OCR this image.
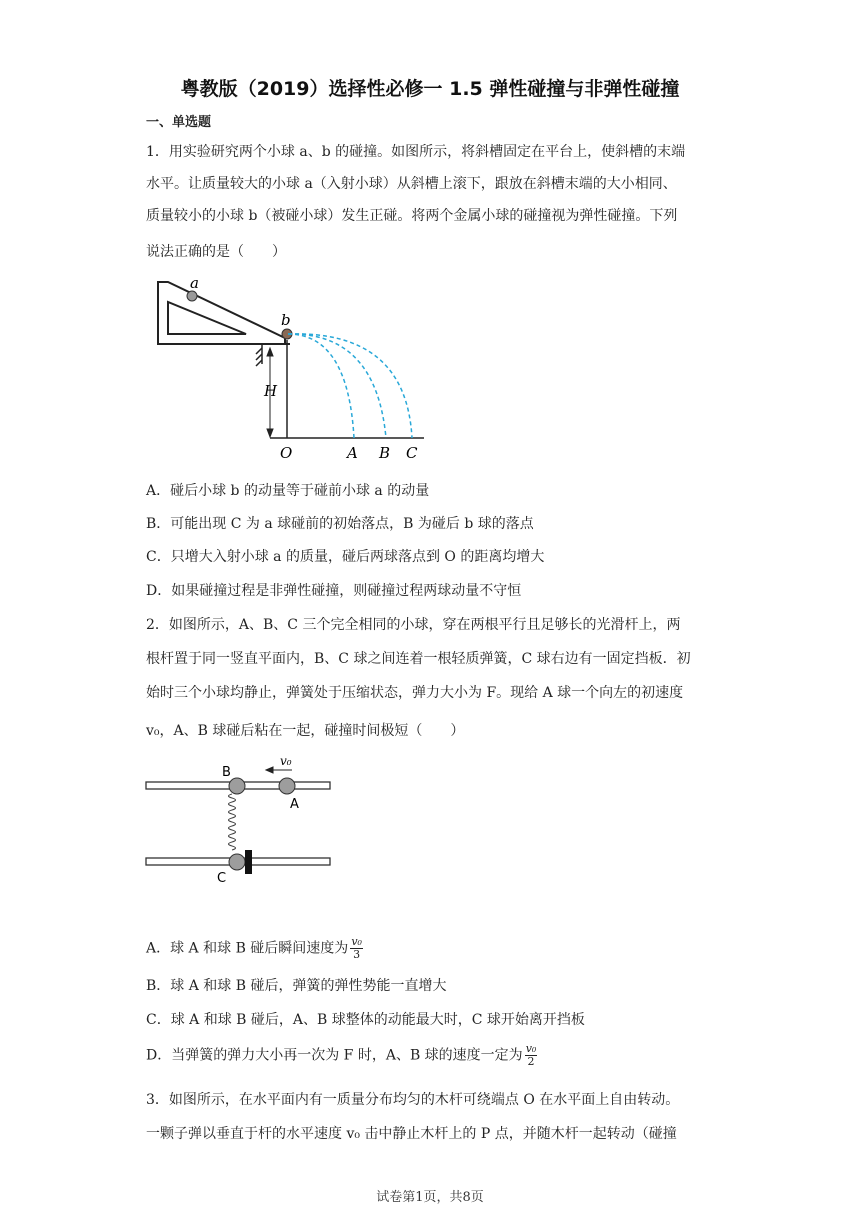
粤教版（2019）选择性必修一 1.5 弹性碰撞与非弹性碰撞
一、单选题
1．用实验研究两个小球 a、b 的碰撞。如图所示，将斜槽固定在平台上，使斜槽的末端
水平。让质量较大的小球 a（入射小球）从斜槽上滚下，跟放在斜槽末端的大小相同、
质量较小的小球 b（被碰小球）发生正碰。将两个金属小球的碰撞视为弹性碰撞。下列
说法正确的是（　　）
a
b
H
O	A B C
A．碰后小球 b 的动量等于碰前小球 a 的动量
B．可能出现 C 为 a 球碰前的初始落点，B 为碰后 b 球的落点
C．只增大入射小球 a 的质量，碰后两球落点到 O 的距离均增大
D．如果碰撞过程是非弹性碰撞，则碰撞过程两球动量不守恒
2．如图所示，A、B、C 三个完全相同的小球，穿在两根平行且足够长的光滑杆上，两
根杆置于同一竖直平面内，B、C 球之间连着一根轻质弹簧，C 球右边有一固定挡板．初
始时三个小球均静止，弹簧处于压缩状态，弹力大小为 F。现给 A 球一个向左的初速度
v₀，A、B 球碰后粘在一起，碰撞时间极短（　　）
v₀
B
A
C
A．球 A 和球 B 碰后瞬间速度为 $\frac{\text{v₀}}{3}$
B．球 A 和球 B 碰后，弹簧的弹性势能一直增大
C．球 A 和球 B 碰后，A、B 球整体的动能最大时，C 球开始离开挡板
D．当弹簧的弹力大小再一次为 F 时，A、B 球的速度一定为 $\frac{\text{v₀}}{2}$
3．如图所示，在水平面内有一质量分布均匀的木杆可绕端点 O 在水平面上自由转动。
一颗子弹以垂直于杆的水平速度 v₀ 击中静止木杆上的 P 点，并随木杆一起转动（碰撞
试卷第1页，共8页
